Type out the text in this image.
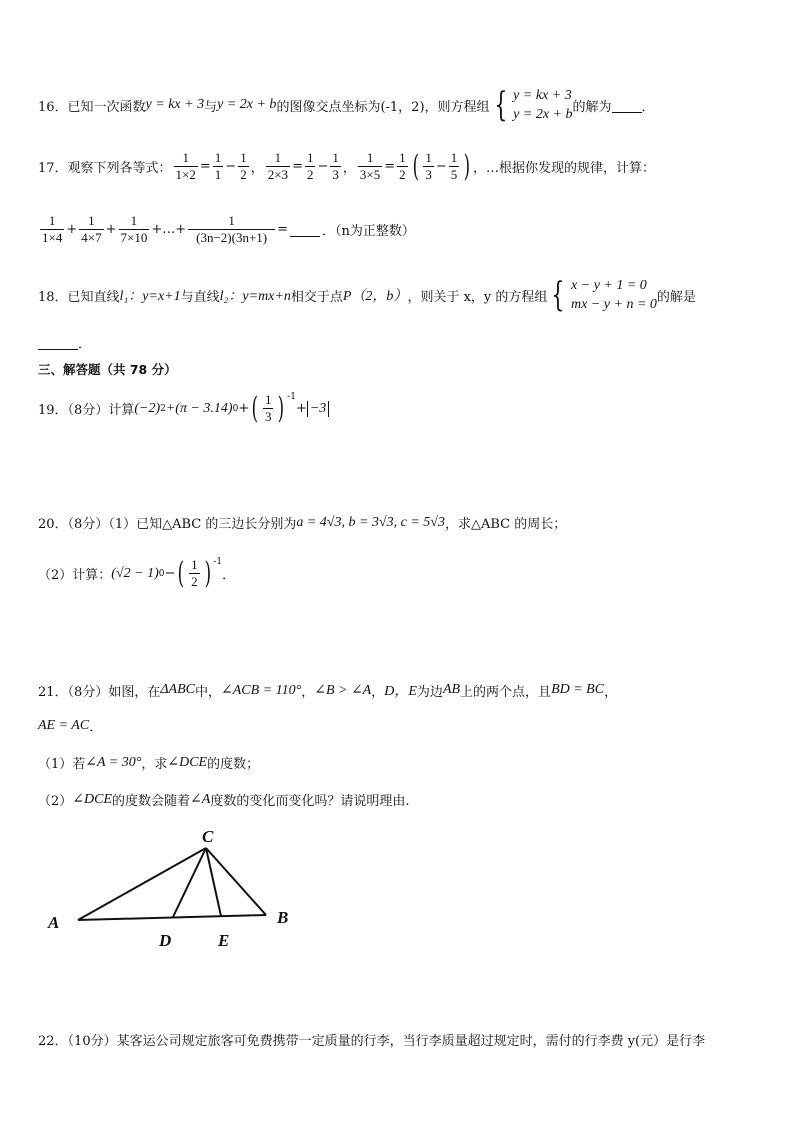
16．已知一次函数 y = kx + 3 与 y = 2x + b 的图像交点坐标为(-1，2)，则方程组 { y = kx + 3
y = 2x + b 的解为 ．
17．观察下列各等式： $\frac{1}{1\times 2} = \frac{1}{1} - \frac{1}{2}$ ， $\frac{1}{2\times 3} = \frac{1}{2} - \frac{1}{3}$ ， $\frac{1}{3\times 5} = \frac{1}{2}$ ( 1
3
− $\frac{1}{5}$ ) ， …根据你发现的规律，计算：
1
1×4
+ $\frac{1}{4\times 7} + \frac{1}{7\times 10}$ +…+ $\frac{1}{(3n-2)(3n+1)}$ =	．（n为正整数）
18．已知直线 l₁：y=x+1 与直线 l₂：y=mx+n 相交于点 P（2，b） ，则关于 x，y 的方程组 { x − y + 1 = 0
mx − y + n = 0 的解是
．
三、解答题（共 78 分）
19．（8分）计算 (−2) 2 +(π − 3.14) 0 + ( 1
3 ) $^{-1}$
+ −3
20．（8分）（1）已知△ABC 的三边长分别为 a = 4√3, b = 3√3, c = 5√3 ，求△ABC 的周长；
（2）计算： (√2 − 1) 0 − ( 1
2 ) $^{-1}$
．
21．（8分）如图，在 ΔABC 中， ∠ACB = 110° ， ∠B > ∠A ， D，E 为边 AB 上的两个点，且 BD = BC ，
AE = AC ．
（1）若 ∠A = 30° ，求 ∠DCE 的度数；
（2） ∠DCE 的度数会随着 ∠A 度数的变化而变化吗？请说明理由.
C
A	B
D	E
22．（10分）某客运公司规定旅客可免费携带一定质量的行李，当行李质量超过规定时，需付的行李费 y(元）是行李
